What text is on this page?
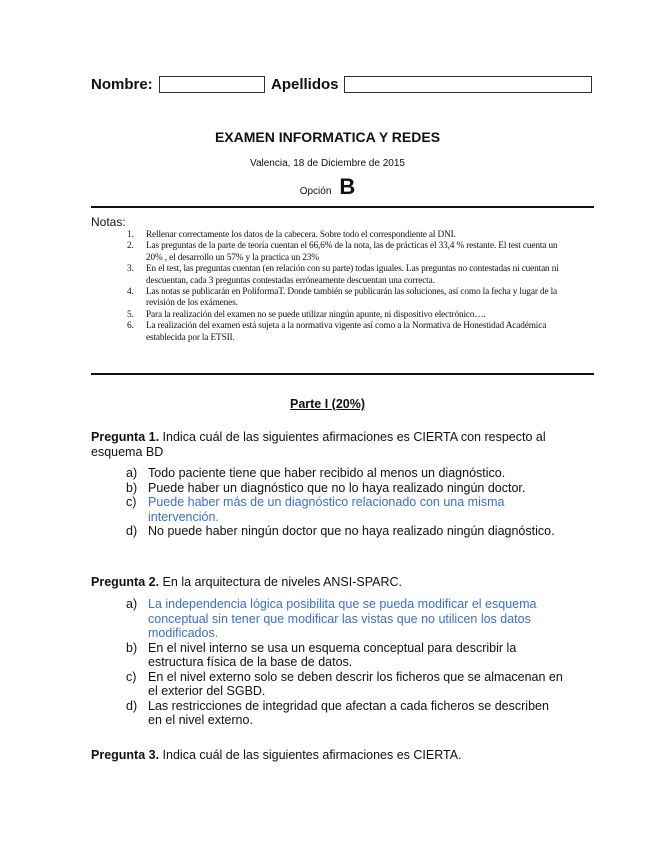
Nombre:	Apellidos
EXAMEN INFORMATICA Y REDES
Valencia, 18 de Diciembre de 2015
Opción B
Notas:
1. Rellenar correctamente los datos de la cabecera. Sobre todo el correspondiente al DNI.
2. Las preguntas de la parte de teoría cuentan el 66,6% de la nota, las de prácticas el 33,4 % restante. El test cuenta un 20% , el desarrollo un 57% y la practica un 23%
3. En el test, las preguntas cuentan (en relación con su parte) todas iguales. Las preguntas no contestadas ni cuentan ni descuentan, cada 3 preguntas contestadas erróneamente descuentan una correcta.
4. Las notas se publicarán en PoliformaT. Donde también se publicarán las soluciones, así como la fecha y lugar de la revisión de los exámenes.
5. Para la realización del examen no se puede utilizar ningún apunte, ni dispositivo electrónico….
6. La realización del examen está sujeta a la normativa vigente así como a la Normativa de Honestidad Académica establecida por la ETSII.
Parte I (20%)
Pregunta 1. Indica cuál de las siguientes afirmaciones es CIERTA con respecto al esquema BD
a) Todo paciente tiene que haber recibido al menos un diagnóstico.
b) Puede haber un diagnóstico que no lo haya realizado ningún doctor.
c) Puede haber más de un diagnóstico relacionado con una misma intervención.
d) No puede haber ningún doctor que no haya realizado ningún diagnóstico.
Pregunta 2. En la arquitectura de niveles ANSI-SPARC.
a) La independencia lógica posibilita que se pueda modificar el esquema conceptual sin tener que modificar las vistas que no utilicen los datos modificados.
b) En el nivel interno se usa un esquema conceptual para describir la estructura física de la base de datos.
c) En el nivel externo solo se deben descrir los ficheros que se almacenan en el exterior del SGBD.
d) Las restricciones de integridad que afectan a cada ficheros se describen en el nivel externo.
Pregunta 3. Indica cuál de las siguientes afirmaciones es CIERTA.
